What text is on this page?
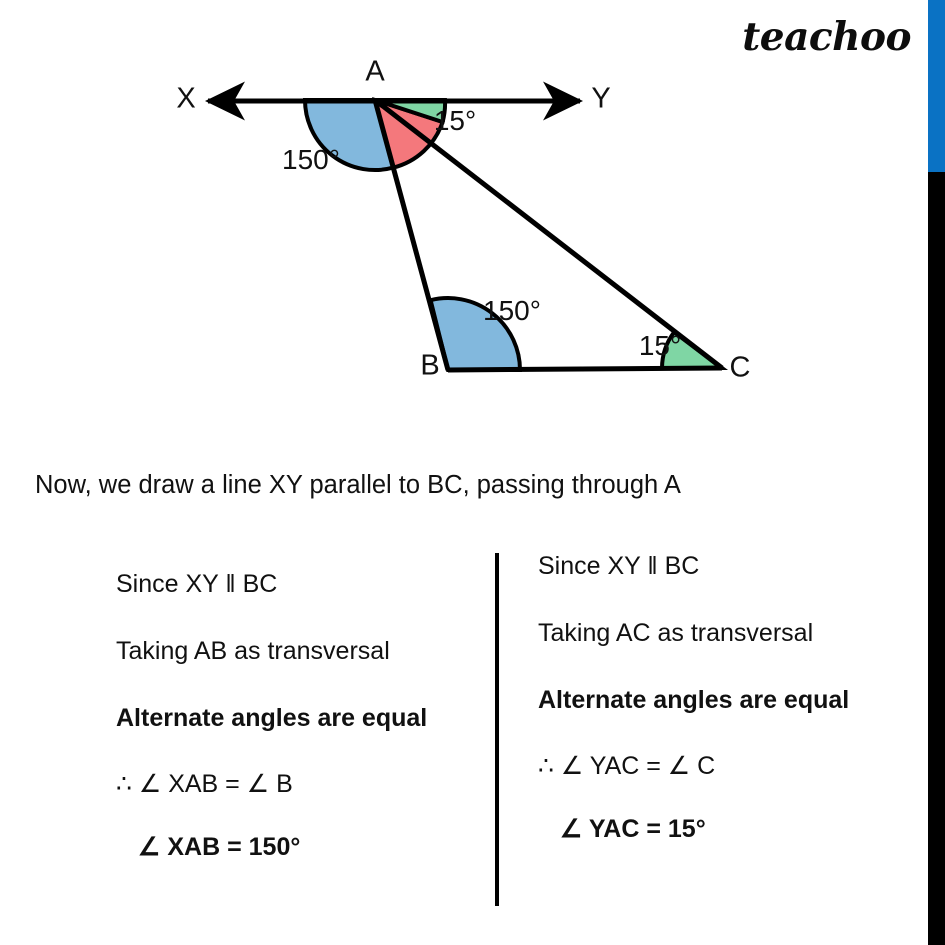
teachoo
A
B	C
X	Y
150°
15°
150°
15°
Now, we draw a line XY parallel to BC, passing through A
Since XY ‖ BC
Taking AB as transversal
Alternate angles are equal
∴ ∠ XAB = ∠ B
∠ XAB = 150°
Since XY ‖ BC
Taking AC as transversal
Alternate angles are equal
∴ ∠ YAC = ∠ C
∠ YAC = 15°
